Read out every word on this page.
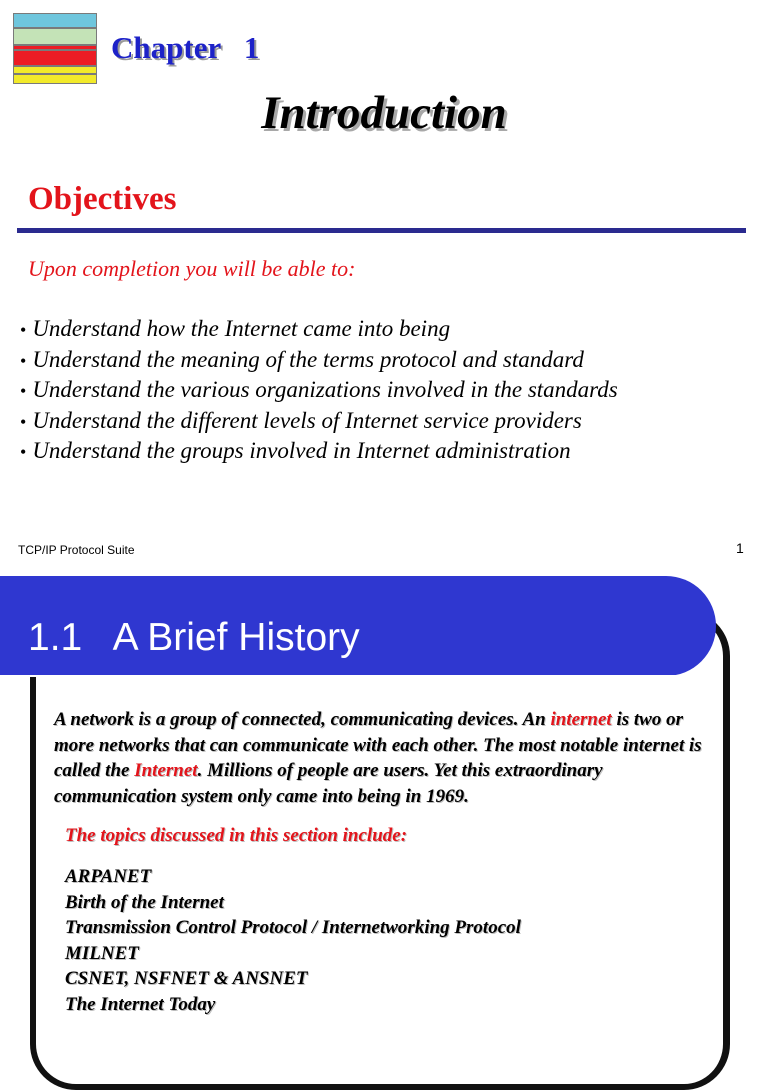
Chapter   1
Introduction
Objectives
Upon completion you will be able to:
• Understand how the Internet came into being
• Understand the meaning of the terms protocol and standard
• Understand the various organizations involved in the standards
• Understand the different levels of Internet service providers
• Understand the groups involved in Internet administration
TCP/IP Protocol Suite	1
1.1   A Brief History
A network is a group of connected, communicating devices. An internet is two or more networks that can communicate with each other. The most notable internet is called the Internet. Millions of people are users. Yet this extraordinary communication system only came into being in 1969.
The topics discussed in this section include:
ARPANET
Birth of the Internet
Transmission Control Protocol / Internetworking Protocol
MILNET
CSNET, NSFNET & ANSNET
The Internet Today
